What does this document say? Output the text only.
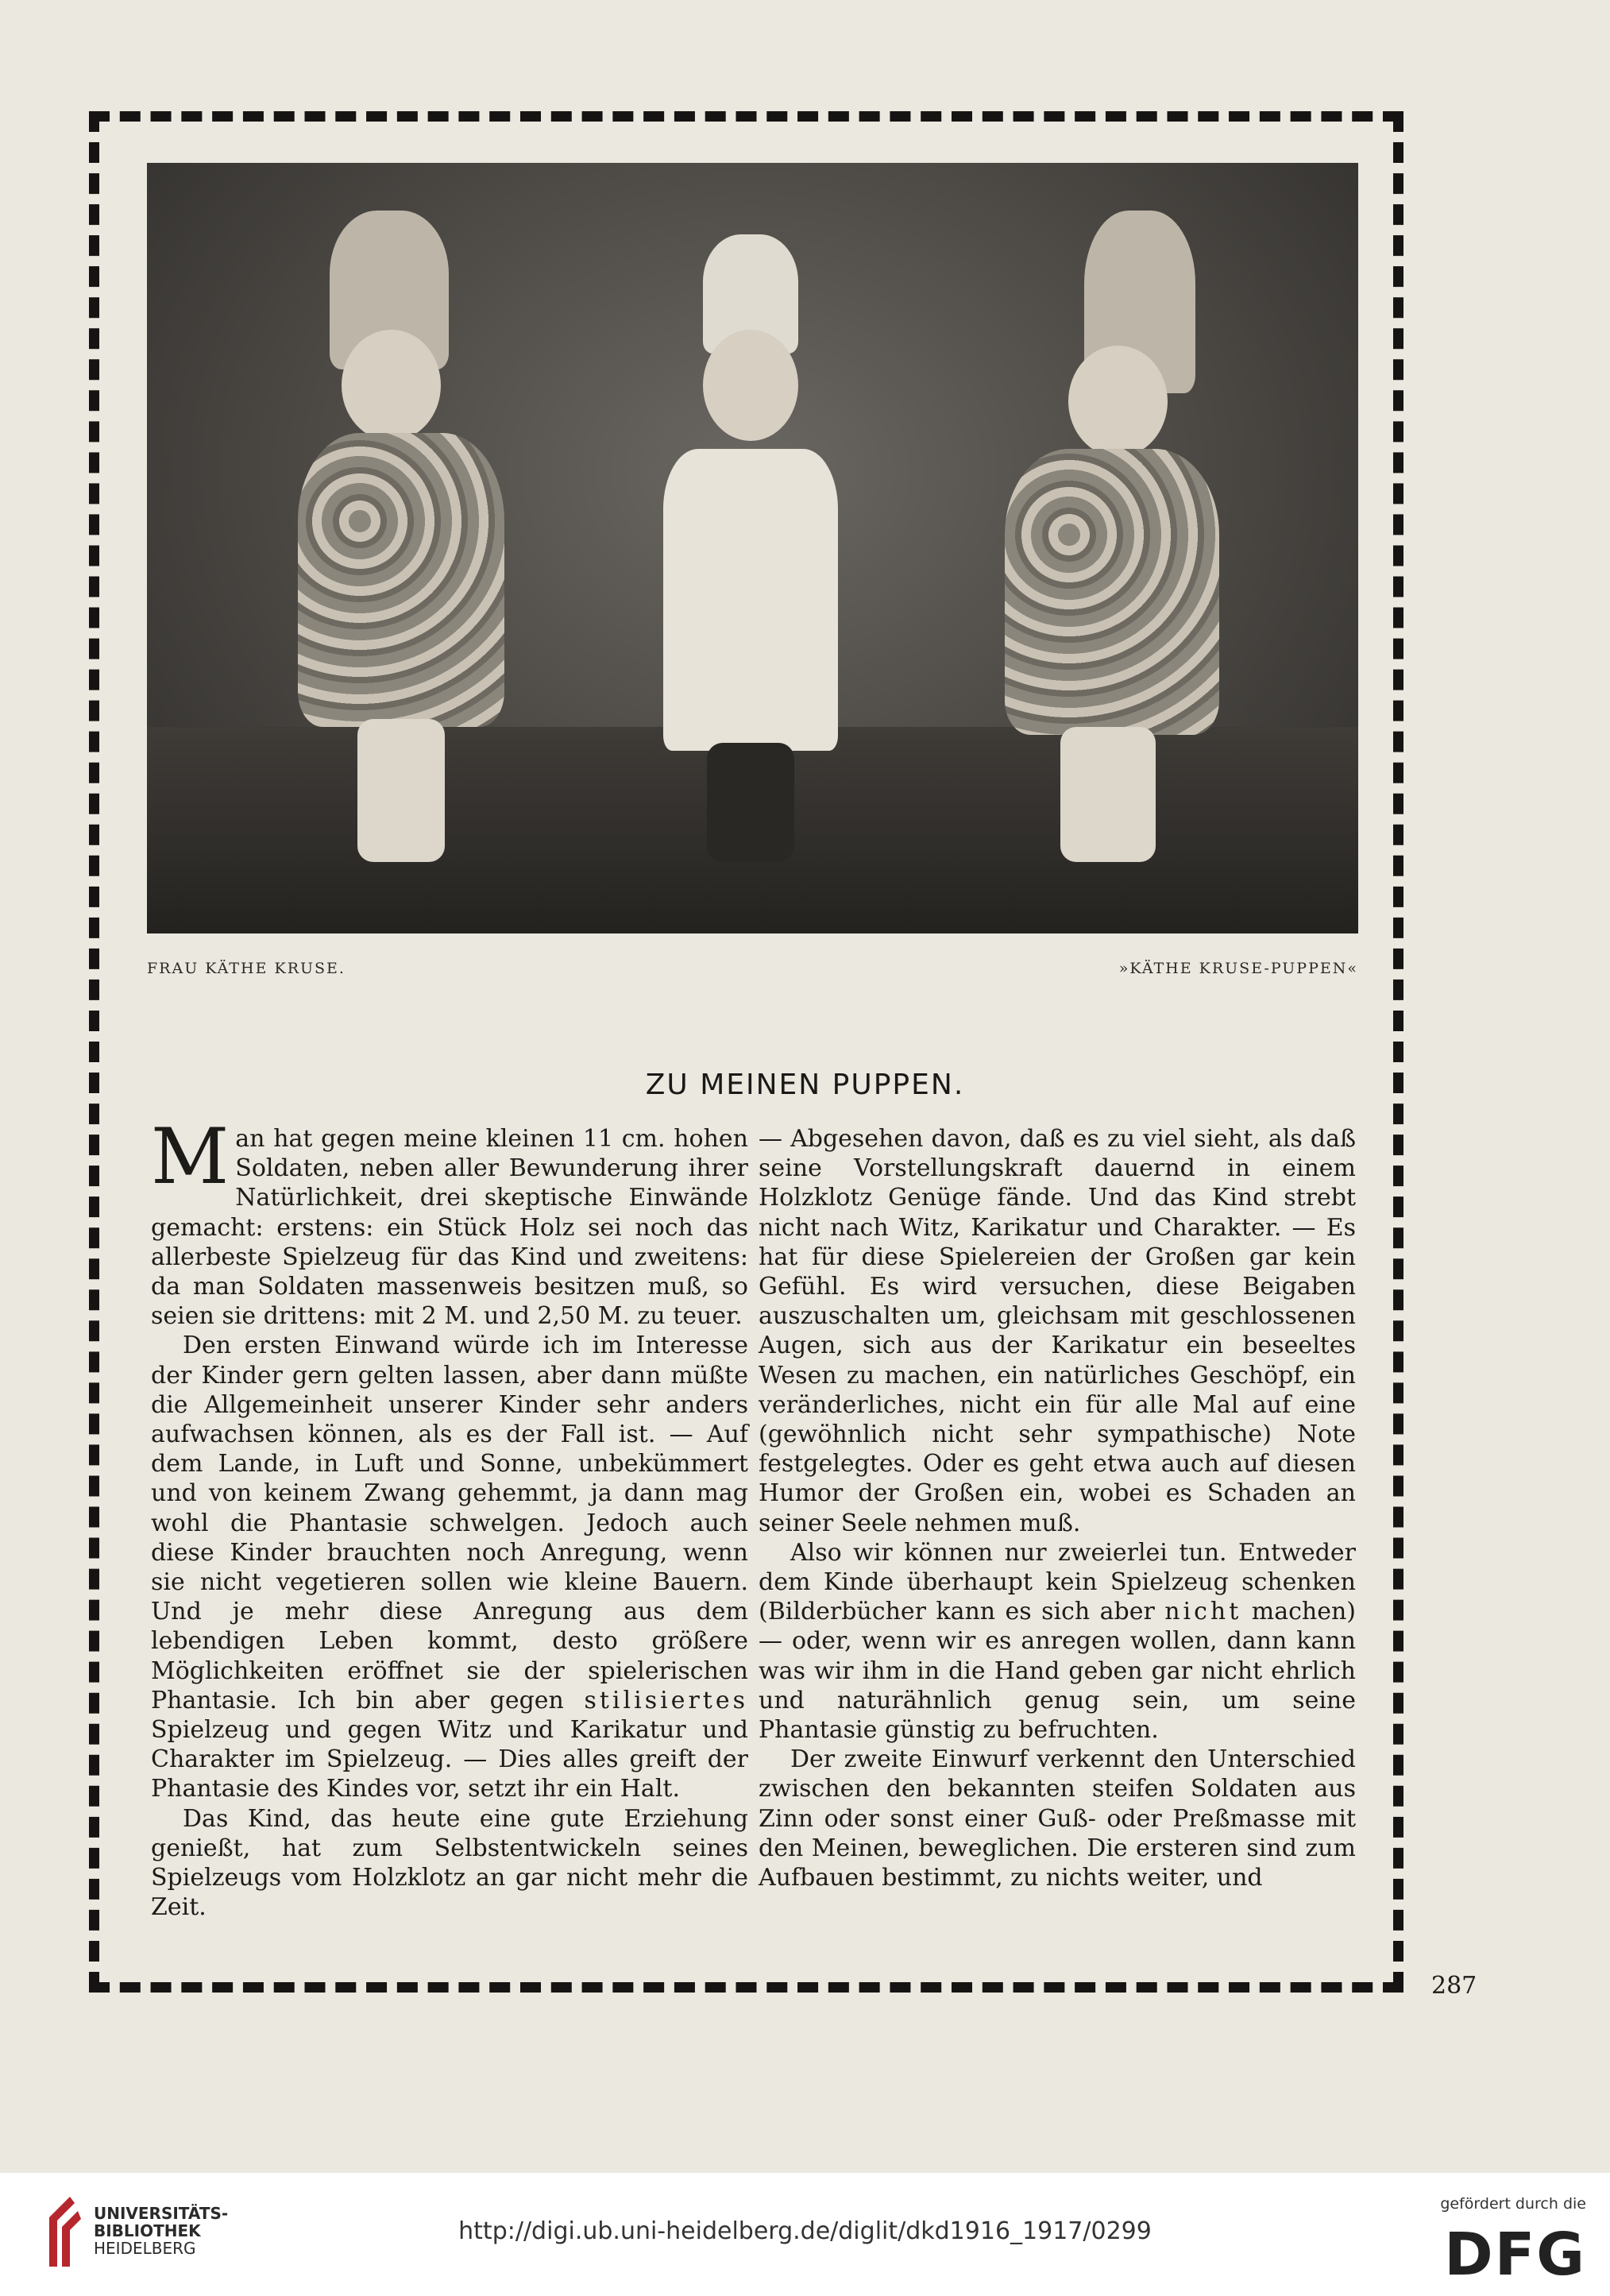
FRAU KÄTHE KRUSE.	»KÄTHE KRUSE-PUPPEN«
ZU MEINEN PUPPEN.

Man hat gegen meine kleinen 11 cm. hohen Soldaten, neben aller Bewunderung ihrer Natürlichkeit, drei skeptische Einwände gemacht: erstens: ein Stück Holz sei noch das allerbeste Spielzeug für das Kind und zweitens: da man Soldaten massenweis besitzen muß, so seien sie drittens: mit 2 M. und 2,50 M. zu teuer.

Den ersten Einwand würde ich im Interesse der Kinder gern gelten lassen, aber dann müßte die Allgemeinheit unserer Kinder sehr anders aufwachsen können, als es der Fall ist. — Auf dem Lande, in Luft und Sonne, unbekümmert und von keinem Zwang gehemmt, ja dann mag wohl die Phantasie schwelgen. Jedoch auch diese Kinder brauchten noch Anregung, wenn sie nicht vegetieren sollen wie kleine Bauern. Und je mehr diese Anregung aus dem lebendigen Leben kommt, desto größere Möglichkeiten eröffnet sie der spielerischen Phantasie. Ich bin aber gegen stilisiertes Spielzeug und gegen Witz und Karikatur und Charakter im Spielzeug. — Dies alles greift der Phantasie des Kindes vor, setzt ihr ein Halt.

Das Kind, das heute eine gute Erziehung genießt, hat zum Selbstentwickeln seines Spielzeugs vom Holzklotz an gar nicht mehr die Zeit.

— Abgesehen davon, daß es zu viel sieht, als daß seine Vorstellungskraft dauernd in einem Holzklotz Genüge fände. Und das Kind strebt nicht nach Witz, Karikatur und Charakter. — Es hat für diese Spielereien der Großen gar kein Gefühl. Es wird versuchen, diese Beigaben auszuschalten um, gleichsam mit geschlossenen Augen, sich aus der Karikatur ein beseeltes Wesen zu machen, ein natürliches Geschöpf, ein veränderliches, nicht ein für alle Mal auf eine (gewöhnlich nicht sehr sympathische) Note festgelegtes. Oder es geht etwa auch auf diesen Humor der Großen ein, wobei es Schaden an seiner Seele nehmen muß.

Also wir können nur zweierlei tun. Entweder dem Kinde überhaupt kein Spielzeug schenken (Bilderbücher kann es sich aber nicht machen) — oder, wenn wir es anregen wollen, dann kann was wir ihm in die Hand geben gar nicht ehrlich und naturähnlich genug sein, um seine Phantasie günstig zu befruchten.

Der zweite Einwurf verkennt den Unterschied zwischen den bekannten steifen Soldaten aus Zinn oder sonst einer Guß- oder Preßmasse mit den Meinen, beweglichen. Die ersteren sind zum Aufbauen bestimmt, zu nichts weiter, und

287
UNIVERSITÄTS-
BIBLIOTHEK
HEIDELBERG
http://digi.ub.uni-heidelberg.de/diglit/dkd1916_1917/0299
gefördert durch die
DFG
